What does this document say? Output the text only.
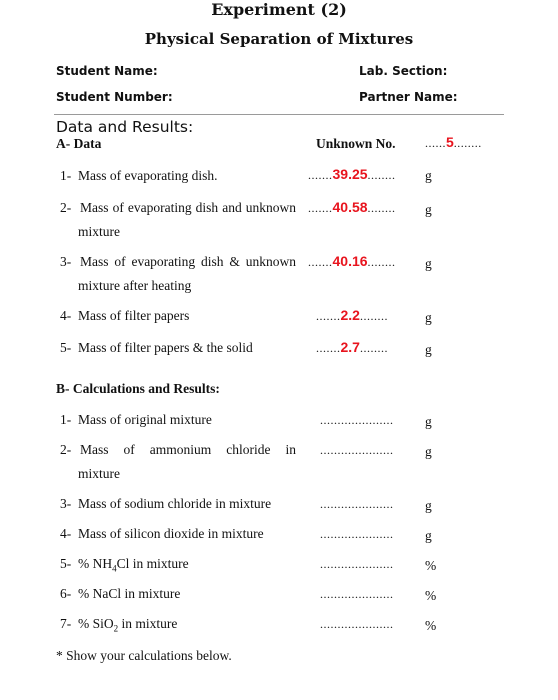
Experiment (2)
Physical Separation of Mixtures
Student Name:	Lab. Section:
Student Number:	Partner Name:
Data and Results:
A- Data	Unknown No. ......5........
1- Mass of evaporating dish.	.......39.25........ g
2- Mass of evaporating dish and unknown
mixture
.......40.58........ g
3- Mass of evaporating dish & unknown
mixture after heating
.......40.16........ g
4- Mass of filter papers	.......2.2........	g
5- Mass of filter papers & the solid	.......2.7........	g
B- Calculations and Results:
1- Mass of original mixture	..................... g
2- Mass of ammonium chloride in
mixture
..................... g
3- Mass of sodium chloride in mixture	..................... g
4- Mass of silicon dioxide in mixture	..................... g
5- % $NH_4Cl$ in mixture	..................... %
6- % NaCl in mixture	..................... %
7- % SiO$_2$ in mixture	..................... %
* Show your calculations below.
